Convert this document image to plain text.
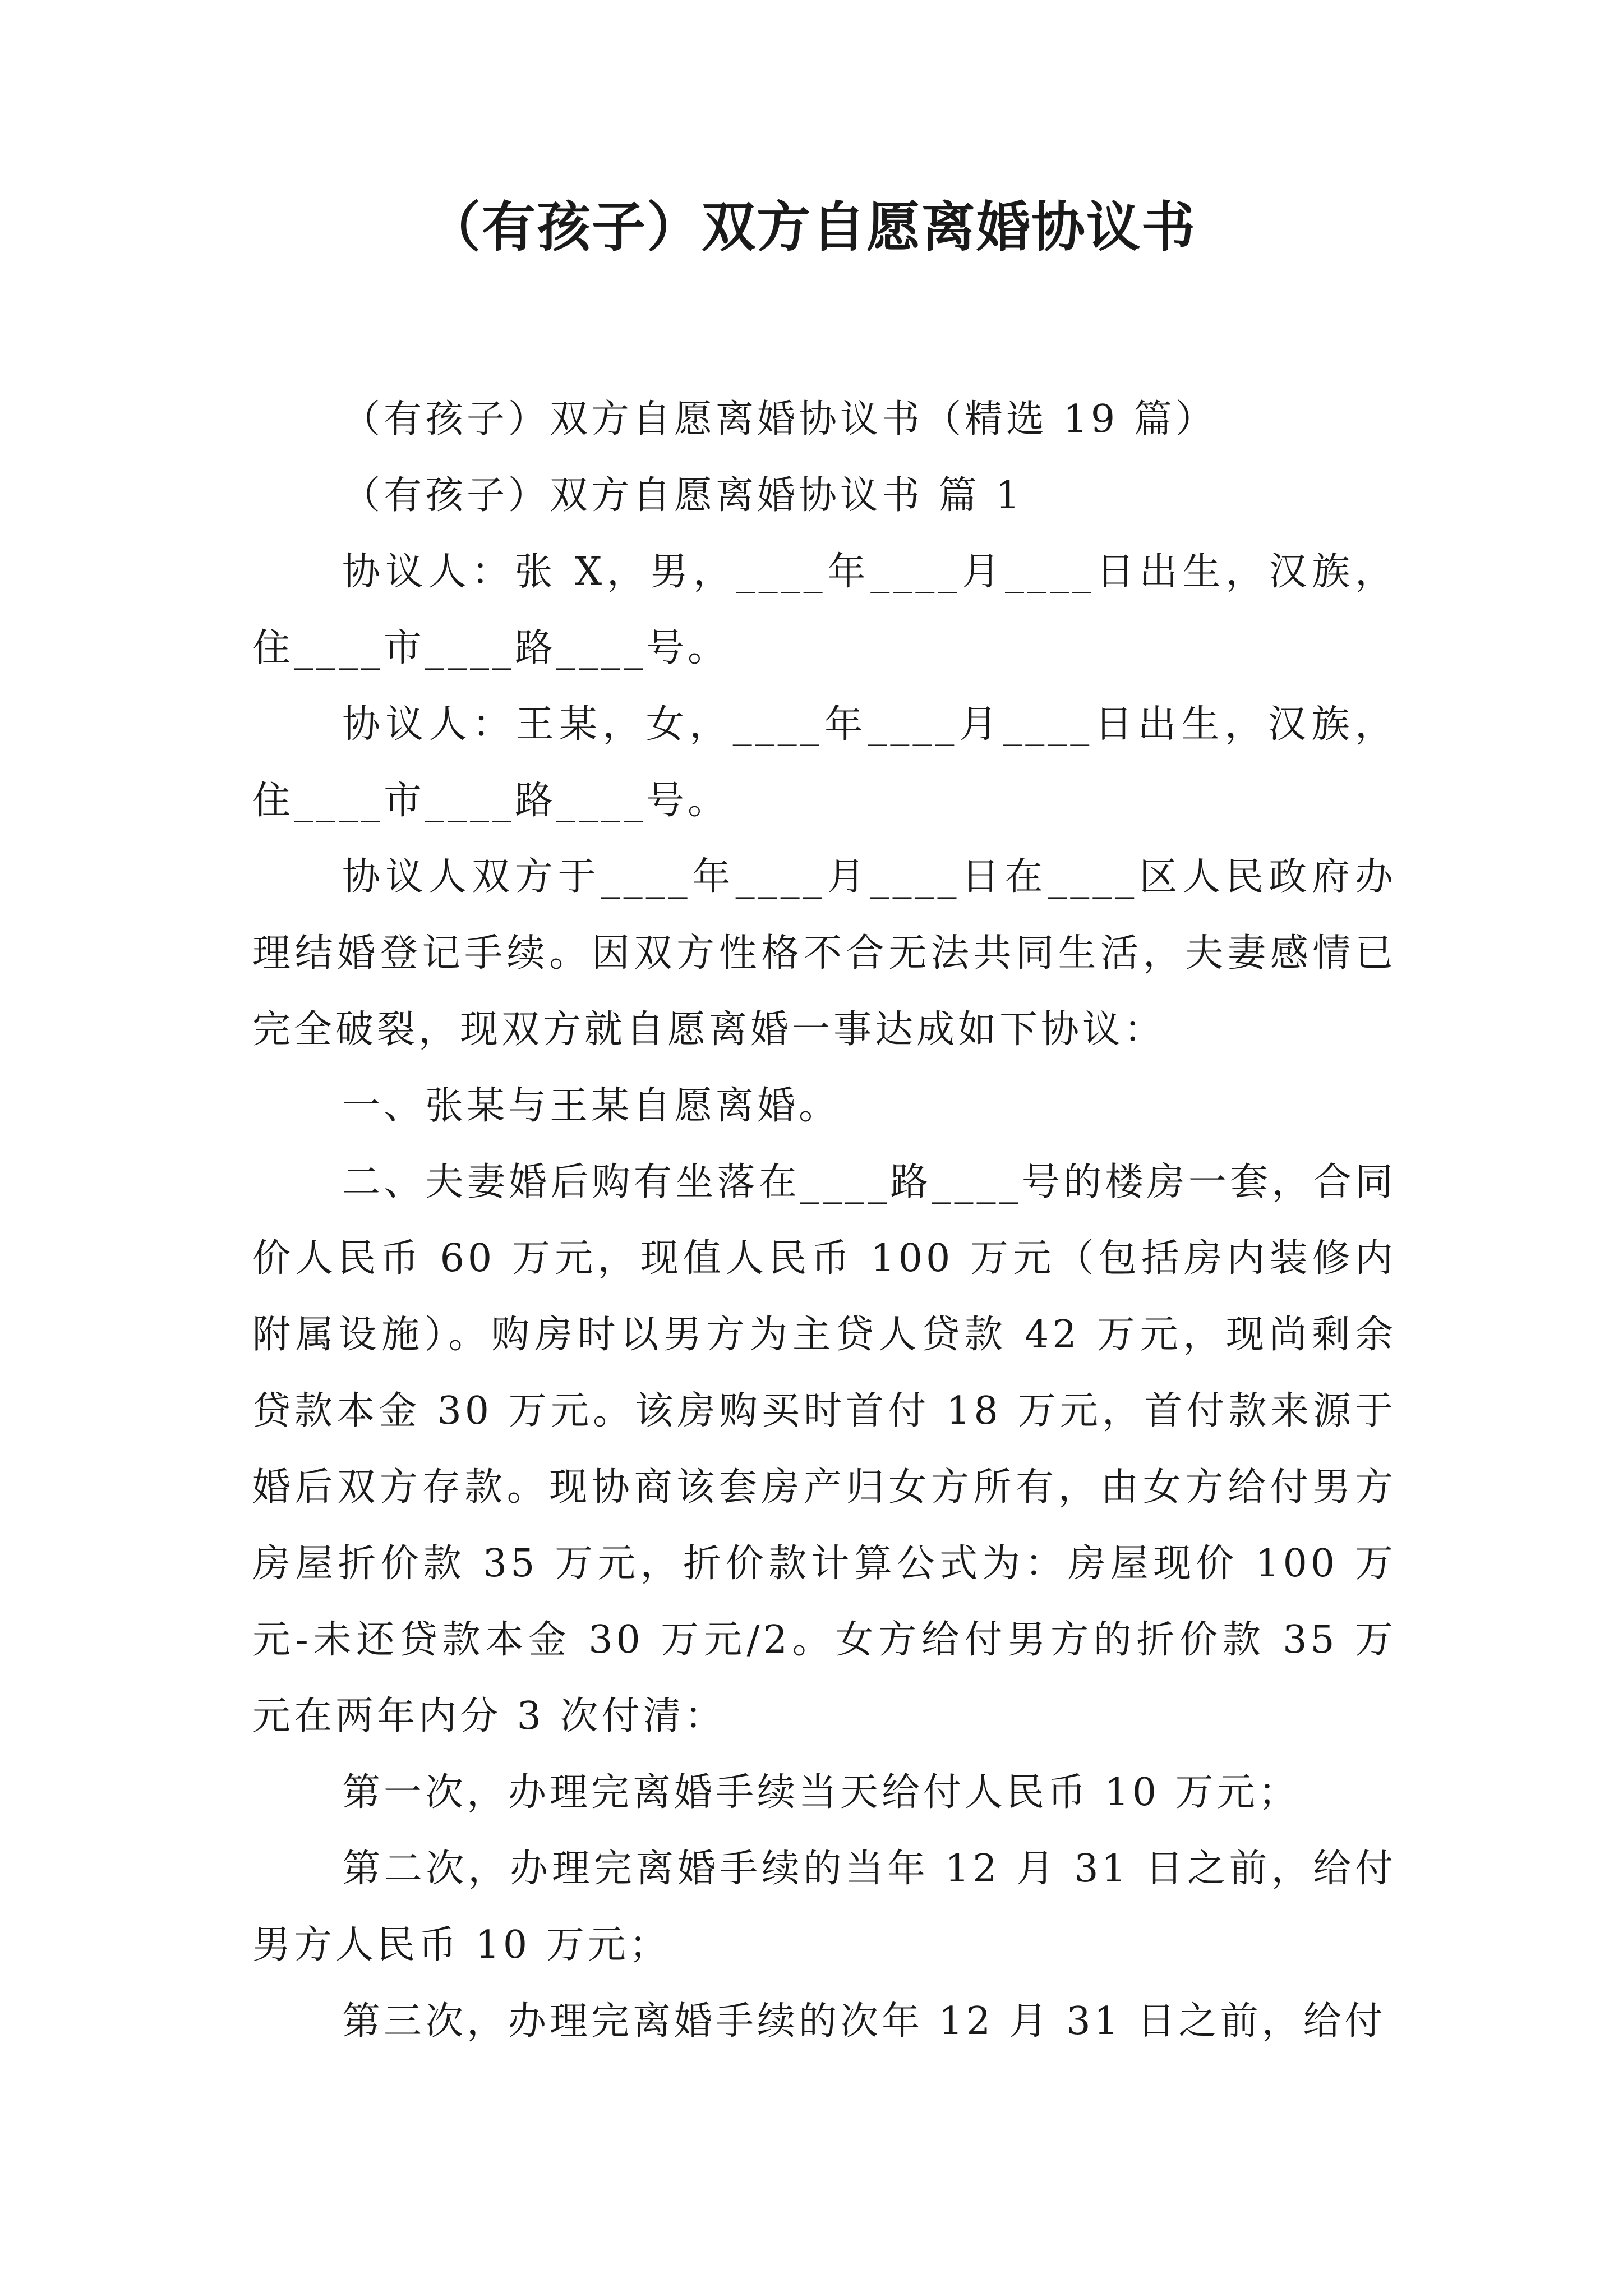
（有孩子）双方自愿离婚协议书

（有孩子）双方自愿离婚协议书（精选 19 篇）

（有孩子）双方自愿离婚协议书 篇 1

协议人：张 X，男，____年____月____日出生，汉族，住____市____路____号。

协议人：王某，女，____年____月____日出生，汉族，住____市____路____号。

协议人双方于____年____月____日在____区人民政府办理结婚登记手续。因双方性格不合无法共同生活，夫妻感情已完全破裂，现双方就自愿离婚一事达成如下协议：

一、张某与王某自愿离婚。

二、夫妻婚后购有坐落在____路____号的楼房一套，合同价人民币 60 万元，现值人民币 100 万元（包括房内装修内附属设施）。购房时以男方为主贷人贷款 42 万元，现尚剩余贷款本金 30 万元。该房购买时首付 18 万元，首付款来源于婚后双方存款。现协商该套房产归女方所有，由女方给付男方房屋折价款 35 万元，折价款计算公式为：房屋现价 100 万元-未还贷款本金 30 万元/2。女方给付男方的折价款 35 万元在两年内分 3 次付清：

第一次，办理完离婚手续当天给付人民币 10 万元；

第二次，办理完离婚手续的当年 12 月 31 日之前，给付男方人民币 10 万元；

第三次，办理完离婚手续的次年 12 月 31 日之前，给付
